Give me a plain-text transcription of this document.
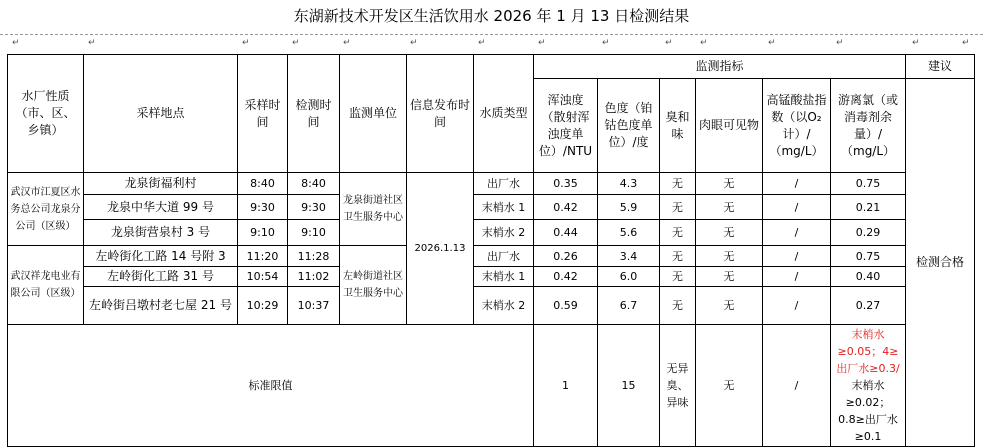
东湖新技术开发区生活饮用水 2026 年 1 月 13 日检测结果
↵	↵	↵	↵	↵	↵	↵	↵	↵	↵	↵	↵	↵	↵	↵
水厂性质（市、区、乡镇）	采样地点	采样时间	检测时间	监测单位	信息发布时间	水质类型	监测指标						建议
							浑浊度（散射浑浊度单位）/NTU	色度（铂钴色度单位）/度	臭和味	肉眼可见物	高锰酸盐指数（以O₂计）/（mg/L）	游离氯（或消毒剂余量）/（mg/L）	检测合格
武汉市江夏区水务总公司龙泉分公司（区级）	龙泉街福利村	8:40	8:40	龙泉街道社区卫生服务中心	2026.1.13	出厂水	0.35	4.3	无	无	/	0.75	
	龙泉中华大道 99 号	9:30	9:30			末梢水 1	0.42	5.9	无	无	/	0.21	
	龙泉街营泉村 3 号	9:10	9:10			末梢水 2	0.44	5.6	无	无	/	0.29	
武汉祥龙电业有限公司（区级）	左岭街化工路 14 号附 3	11:20	11:28	左岭街道社区卫生服务中心		出厂水	0.26	3.4	无	无	/	0.75	
	左岭街化工路 31 号	10:54	11:02			末梢水 1	0.42	6.0	无	无	/	0.40	
	左岭街吕墩村老七屋 21 号	10:29	10:37			末梢水 2	0.59	6.7	无	无	/	0.27	
标准限值							1	15	无异臭、异味	无	/	末梢水≥0.05；4≥出厂水≥0.3/
末梢水≥0.02；0.8≥出厂水≥0.1	
